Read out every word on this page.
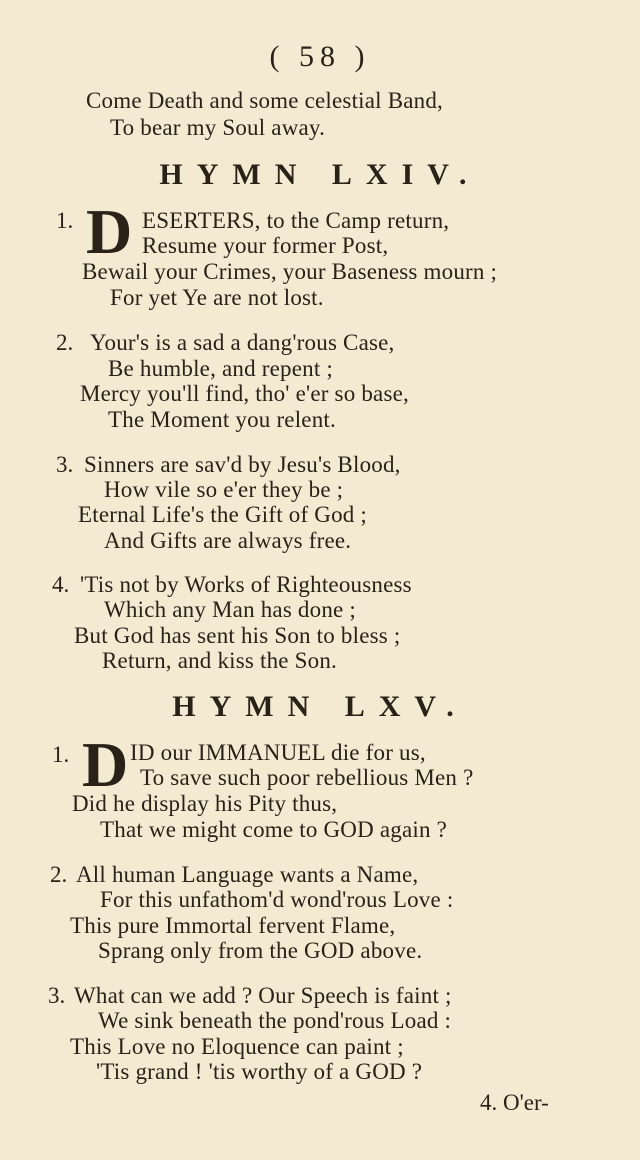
( 58 )
Come Death and some celestial Band,
To bear my Soul away.
HYMN LXIV.
1. D ESERTERS, to the Camp return,
Resume your former Post,
Bewail your Crimes, your Baseness mourn ;
For yet Ye are not lost.
2. Your's is a sad a dang'rous Case,
Be humble, and repent ;
Mercy you'll find, tho' e'er so base,
The Moment you relent.
3. Sinners are sav'd by Jesu's Blood,
How vile so e'er they be ;
Eternal Life's the Gift of God ;
And Gifts are always free.
4. 'Tis not by Works of Righteousness
Which any Man has done ;
But God has sent his Son to bless ;
Return, and kiss the Son.
HYMN LXV.
1. D ID our IMMANUEL die for us,
To save such poor rebellious Men ?
Did he display his Pity thus,
That we might come to GOD again ?
2. All human Language wants a Name,
For this unfathom'd wond'rous Love :
This pure Immortal fervent Flame,
Sprang only from the GOD above.
3. What can we add ? Our Speech is faint ;
We sink beneath the pond'rous Load :
This Love no Eloquence can paint ;
'Tis grand ! 'tis worthy of a GOD ?
4. O'er-
